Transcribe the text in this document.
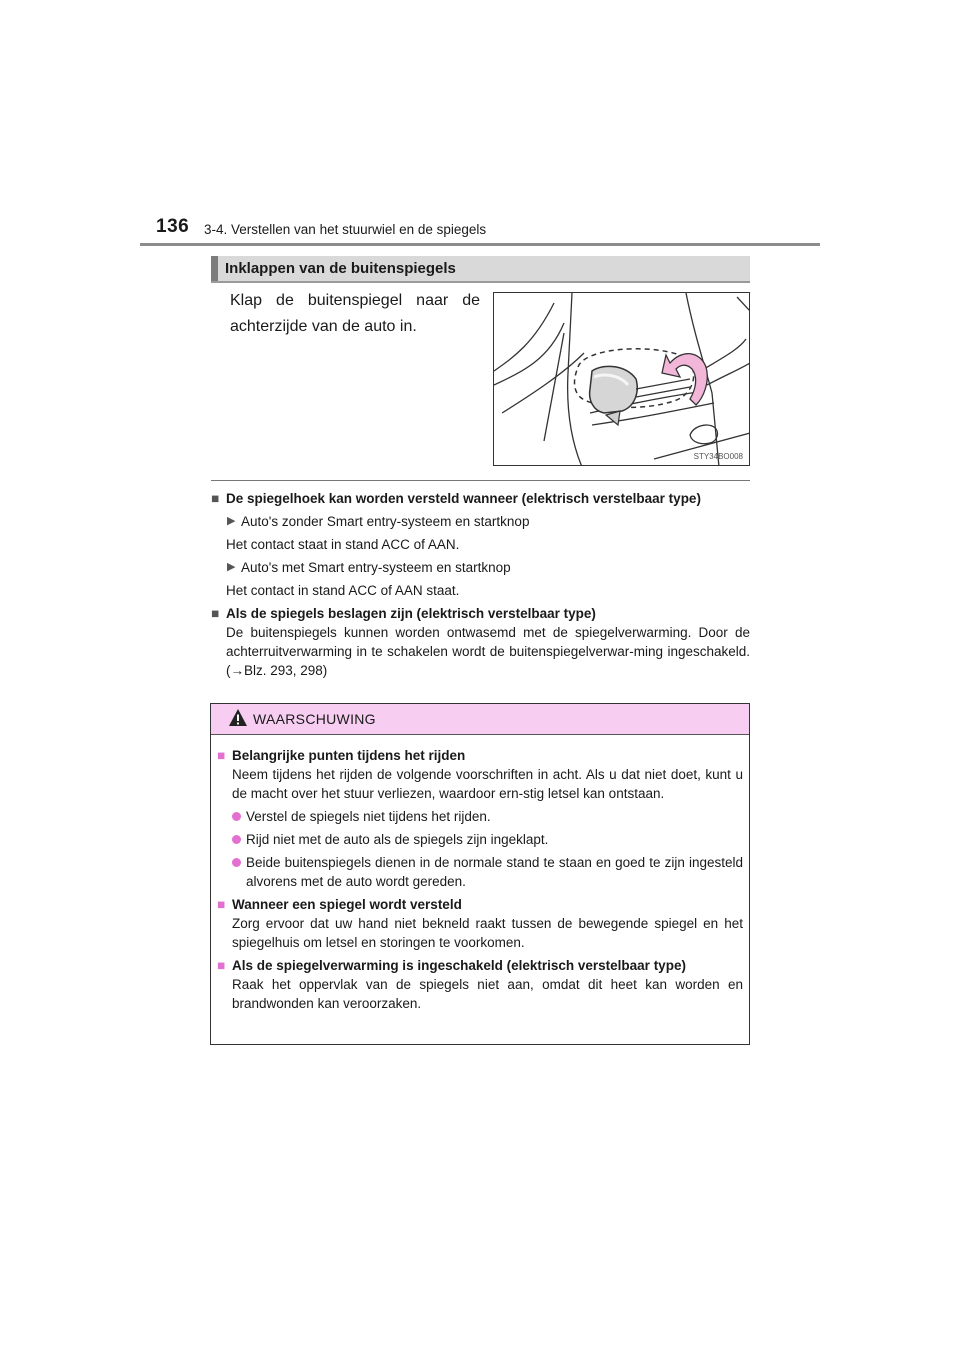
136 3-4. Verstellen van het stuurwiel en de spiegels
Inklappen van de buitenspiegels
Klap de buitenspiegel naar de achterzijde van de auto in.
STY34BO008
■ De spiegelhoek kan worden versteld wanneer (elektrisch verstelbaar type)
▶ Auto's zonder Smart entry-systeem en startknop
Het contact staat in stand ACC of AAN.
▶ Auto's met Smart entry-systeem en startknop
Het contact in stand ACC of AAN staat.
■ Als de spiegels beslagen zijn (elektrisch verstelbaar type)
De buitenspiegels kunnen worden ontwasemd met de spiegelverwarming. Door de achterruitverwarming in te schakelen wordt de buitenspiegelverwar-ming ingeschakeld. (→Blz. 293, 298)
WAARSCHUWING
■ Belangrijke punten tijdens het rijden
Neem tijdens het rijden de volgende voorschriften in acht. Als u dat niet doet, kunt u de macht over het stuur verliezen, waardoor ern-stig letsel kan ontstaan.
Verstel de spiegels niet tijdens het rijden.
Rijd niet met de auto als de spiegels zijn ingeklapt.
Beide buitenspiegels dienen in de normale stand te staan en goed te zijn ingesteld alvorens met de auto wordt gereden.
■ Wanneer een spiegel wordt versteld
Zorg ervoor dat uw hand niet bekneld raakt tussen de bewegende spiegel en het spiegelhuis om letsel en storingen te voorkomen.
■ Als de spiegelverwarming is ingeschakeld (elektrisch verstelbaar type)
Raak het oppervlak van de spiegels niet aan, omdat dit heet kan worden en brandwonden kan veroorzaken.
